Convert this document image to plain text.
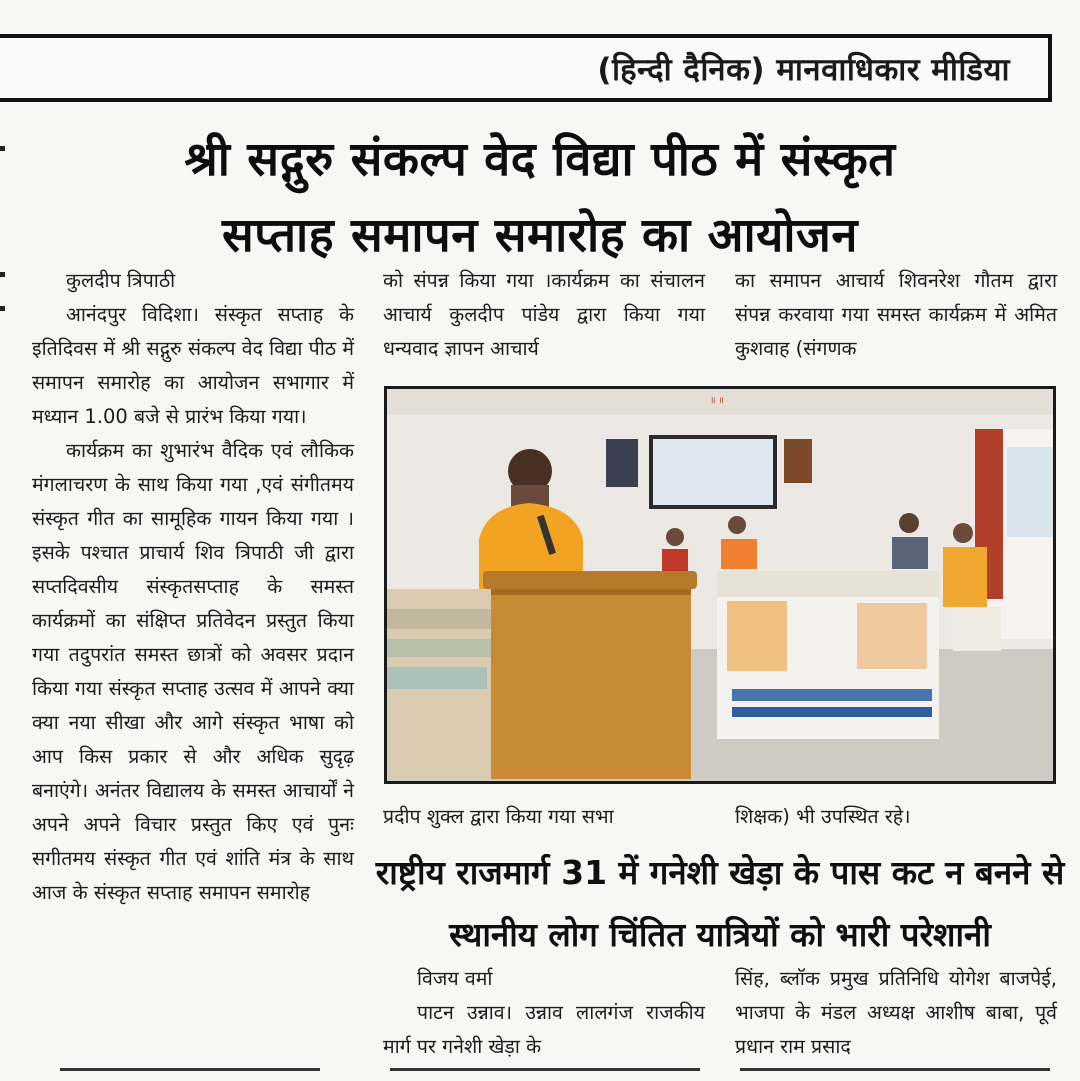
(हिन्दी दैनिक) मानवाधिकार मीडिया
श्री सद्गुरु संकल्प वेद विद्या पीठ में संस्कृत
सप्ताह समापन समारोह का आयोजन

कुलदीप त्रिपाठी

आनंदपुर विदिशा। संस्कृत सप्ताह के इतिदिवस में श्री सद्गुरु संकल्प वेद विद्या पीठ में समापन समारोह का आयोजन सभागार में मध्यान 1.00 बजे से प्रारंभ किया गया।

कार्यक्रम का शुभारंभ वैदिक एवं लौकिक मंगलाचरण के साथ किया गया ,एवं संगीतमय संस्कृत गीत का सामूहिक गायन किया गया ।इसके पश्चात प्राचार्य शिव त्रिपाठी जी द्वारा सप्तदिवसीय संस्कृतसप्ताह के समस्त कार्यक्रमों का संक्षिप्त प्रतिवेदन प्रस्तुत किया गया तदुपरांत समस्त छात्रों को अवसर प्रदान किया गया संस्कृत सप्ताह उत्सव में आपने क्या क्या नया सीखा और आगे संस्कृत भाषा को आप किस प्रकार से और अधिक सुदृढ़ बनाएंगे। अनंतर विद्यालय के समस्त आचार्यों ने अपने अपने विचार प्रस्तुत किए एवं पुनः सगीतमय संस्कृत गीत एवं शांति मंत्र के साथ आज के संस्कृत सप्ताह समापन समारोह

को संपन्न किया गया ।कार्यक्रम का संचालन आचार्य कुलदीप पांडेय द्वारा किया गया धन्यवाद ज्ञापन आचार्य
का समापन आचार्य शिवनरेश गौतम द्वारा संपन्न करवाया गया समस्त कार्यक्रम में अमित कुशवाह (संगणक
॥ ॥
प्रदीप शुक्ल द्वारा किया गया सभा	शिक्षक) भी उपस्थित रहे।
राष्ट्रीय राजमार्ग 31 में गनेशी खेड़ा के पास कट न बनने से
स्थानीय लोग चिंतित यात्रियों को भारी परेशानी

विजय वर्मा

पाटन उन्नाव। उन्नाव लालगंज राजकीय मार्ग पर गनेशी खेड़ा के

सिंह, ब्लॉक प्रमुख प्रतिनिधि योगेश बाजपेई, भाजपा के मंडल अध्यक्ष आशीष बाबा, पूर्व प्रधान राम प्रसाद
